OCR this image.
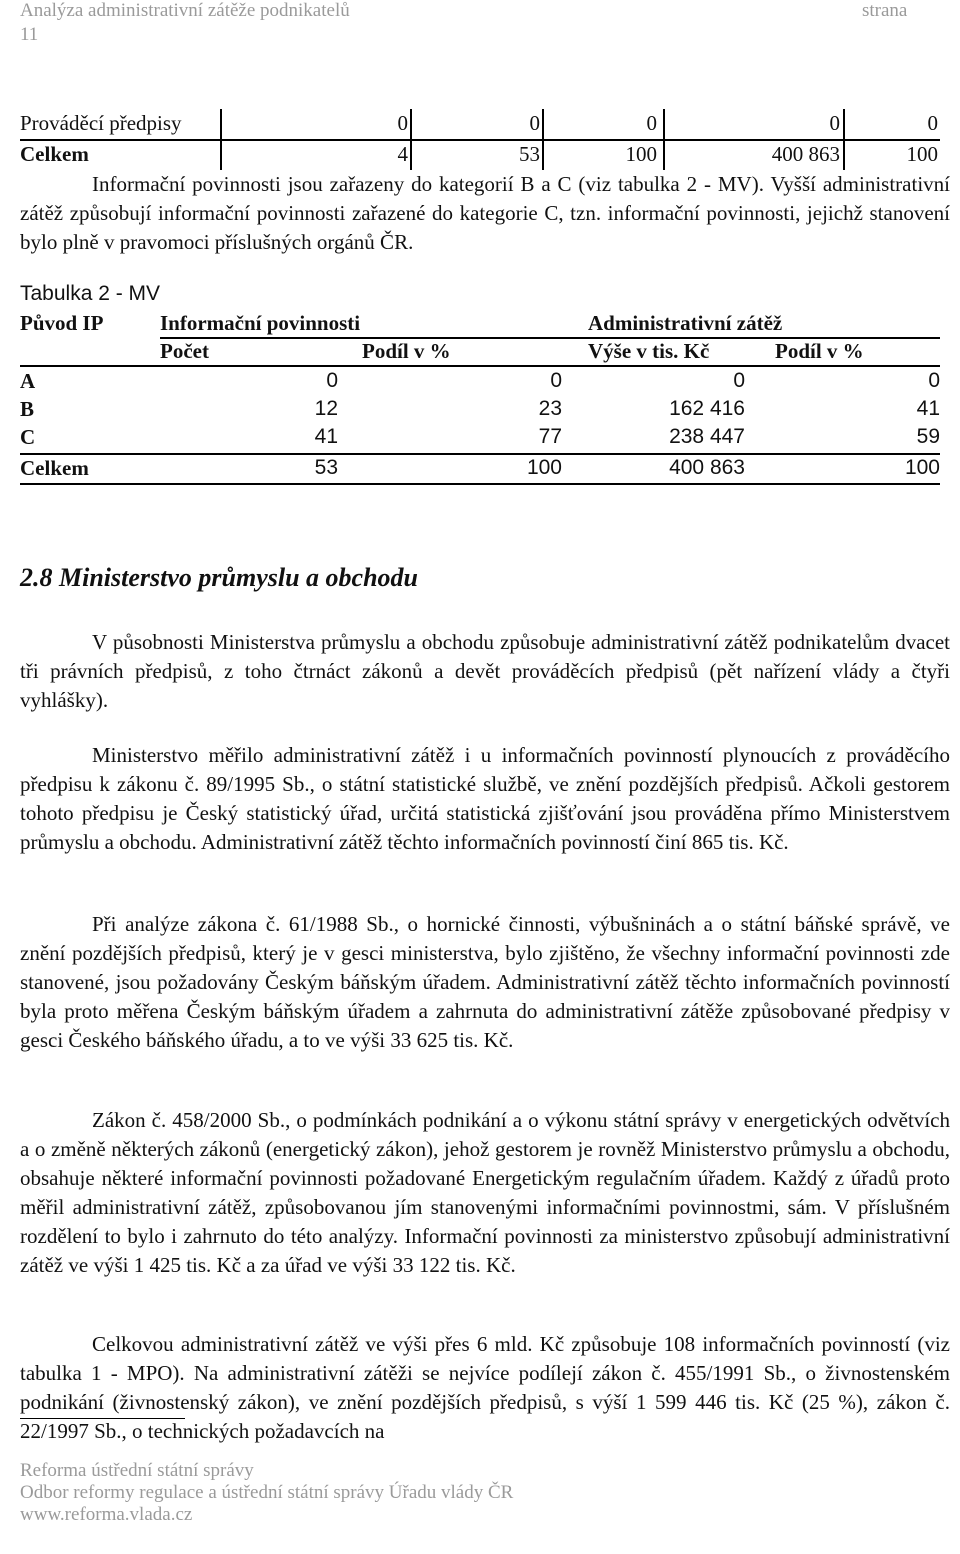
Analýza administrativní zátěže podnikatelů
11
strana
Prováděcí předpisy	0	0	0	0	0
Celkem	4	53	100	400 863	100

Informační povinnosti jsou zařazeny do kategorií B a C (viz tabulka 2 - MV). Vyšší administrativní zátěž způsobují informační povinnosti zařazené do kategorie C, tzn. informační povinnosti, jejichž stanovení bylo plně v pravomoci příslušných orgánů ČR.

Tabulka 2 - MV
Původ IP	Informační povinnosti	Administrativní zátěž
Počet	Podíl v %	Výše v tis. Kč	Podíl v %
A	0	0	0	0
B	12	23	162 416	41
C	41	77	238 447	59
Celkem	53	100	400 863	100
2.8 Ministerstvo průmyslu a obchodu

V působnosti Ministerstva průmyslu a obchodu způsobuje administrativní zátěž podnikatelům dvacet tři právních předpisů, z toho čtrnáct zákonů a devět prováděcích předpisů (pět nařízení vlády a čtyři vyhlášky).

Ministerstvo měřilo administrativní zátěž i u informačních povinností plynoucích z prováděcího předpisu k zákonu č. 89/1995 Sb., o státní statistické službě, ve znění pozdějších předpisů. Ačkoli gestorem tohoto předpisu je Český statistický úřad, určitá statistická zjišťování jsou prováděna přímo Ministerstvem průmyslu a obchodu. Administrativní zátěž těchto informačních povinností činí 865 tis. Kč.

Při analýze zákona č. 61/1988 Sb., o hornické činnosti, výbušninách a o státní báňské správě, ve znění pozdějších předpisů, který je v gesci ministerstva, bylo zjištěno, že všechny informační povinnosti zde stanovené, jsou požadovány Českým báňským úřadem. Administrativní zátěž těchto informačních povinností byla proto měřena Českým báňským úřadem a zahrnuta do administrativní zátěže způsobované předpisy v gesci Českého báňského úřadu, a to ve výši 33 625 tis. Kč.

Zákon č. 458/2000 Sb., o podmínkách podnikání a o výkonu státní správy v energetických odvětvích a o změně některých zákonů (energetický zákon), jehož gestorem je rovněž Ministerstvo průmyslu a obchodu, obsahuje některé informační povinnosti požadované Energetickým regulačním úřadem. Každý z úřadů proto měřil administrativní zátěž, způsobovanou jím stanovenými informačními povinnostmi, sám. V příslušném rozdělení to bylo i zahrnuto do této analýzy. Informační povinnosti za ministerstvo způsobují administrativní zátěž ve výši 1 425 tis. Kč a za úřad ve výši 33 122 tis. Kč.

Celkovou administrativní zátěž ve výši přes 6 mld. Kč způsobuje 108 informačních povinností (viz tabulka 1 - MPO). Na administrativní zátěži se nejvíce podílejí zákon č. 455/1991 Sb., o živnostenském podnikání (živnostenský zákon), ve znění pozdějších předpisů, s výší 1 599 446 tis. Kč (25 %), zákon č. 22/1997 Sb., o technických požadavcích na

Reforma ústřední státní správy
Odbor reformy regulace a ústřední státní správy Úřadu vlády ČR
www.reforma.vlada.cz
